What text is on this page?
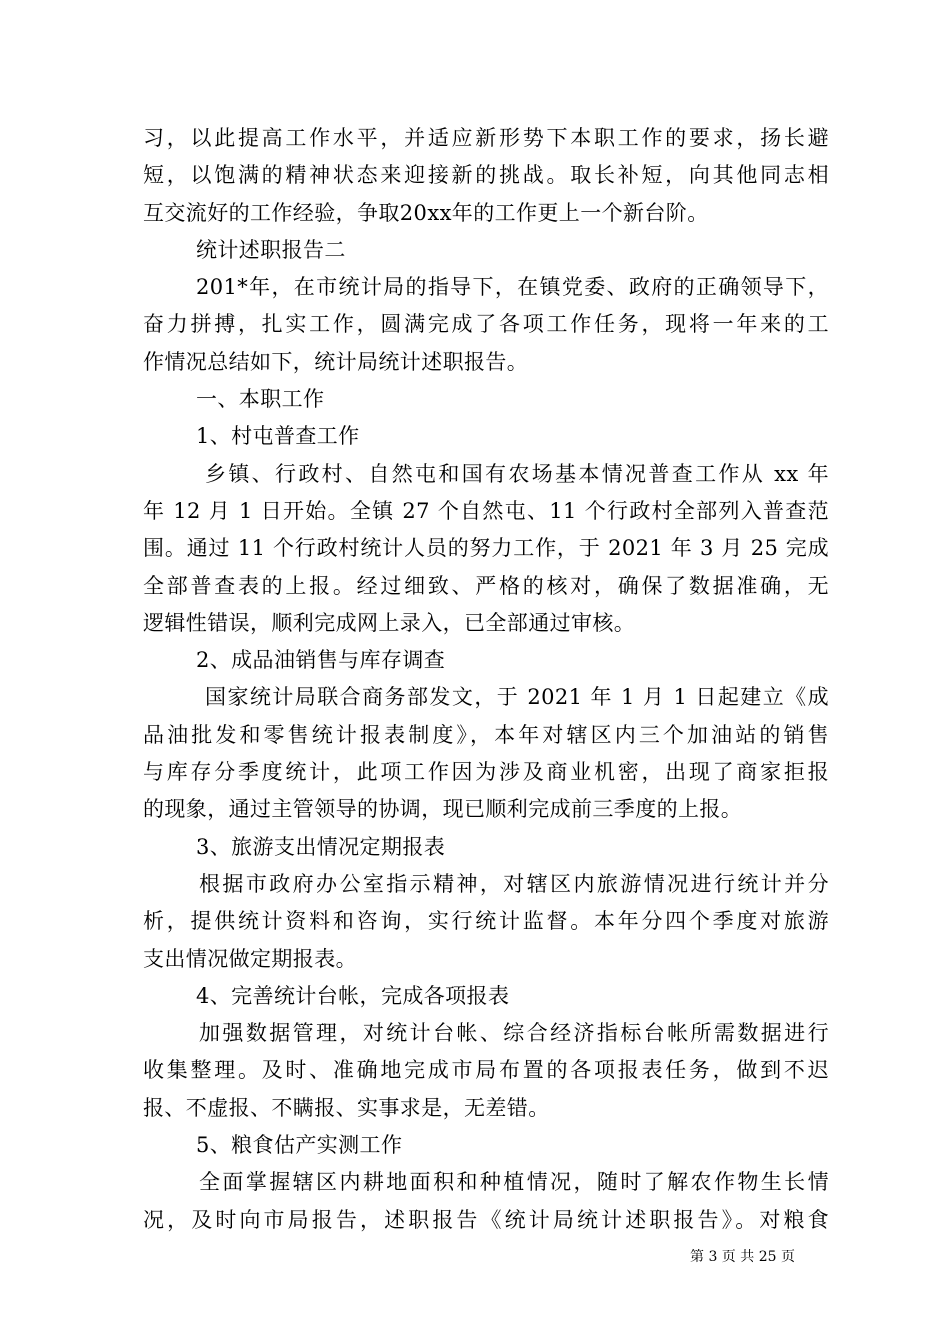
习，以此提高工作水平，并适应新形势下本职工作的要求，扬长避
短，以饱满的精神状态来迎接新的挑战。取长补短，向其他同志相
互交流好的工作经验，争取20xx年的工作更上一个新台阶。
统计述职报告二
201*年，在市统计局的指导下，在镇党委、政府的正确领导下，
奋力拼搏，扎实工作，圆满完成了各项工作任务，现将一年来的工
作情况总结如下，统计局统计述职报告。
一、本职工作
1、村屯普查工作
乡镇、行政村、自然屯和国有农场基本情况普查工作从 xx 年
年 12 月 1 日开始。全镇 27 个自然屯、11 个行政村全部列入普查范
围。通过 11 个行政村统计人员的努力工作，于 2021 年 3 月 25 完成
全部普查表的上报。经过细致、严格的核对，确保了数据准确，无
逻辑性错误，顺利完成网上录入，已全部通过审核。
2、成品油销售与库存调查
国家统计局联合商务部发文，于 2021 年 1 月 1 日起建立《成
品油批发和零售统计报表制度》，本年对辖区内三个加油站的销售
与库存分季度统计，此项工作因为涉及商业机密，出现了商家拒报
的现象，通过主管领导的协调，现已顺利完成前三季度的上报。
3、旅游支出情况定期报表
根据市政府办公室指示精神，对辖区内旅游情况进行统计并分
析，提供统计资料和咨询，实行统计监督。本年分四个季度对旅游
支出情况做定期报表。
4、完善统计台帐，完成各项报表
加强数据管理，对统计台帐、综合经济指标台帐所需数据进行
收集整理。及时、准确地完成市局布置的各项报表任务，做到不迟
报、不虚报、不瞒报、实事求是，无差错。
5、粮食估产实测工作
全面掌握辖区内耕地面积和种植情况，随时了解农作物生长情
况，及时向市局报告，述职报告《统计局统计述职报告》。对粮食
第 3 页 共 25 页
